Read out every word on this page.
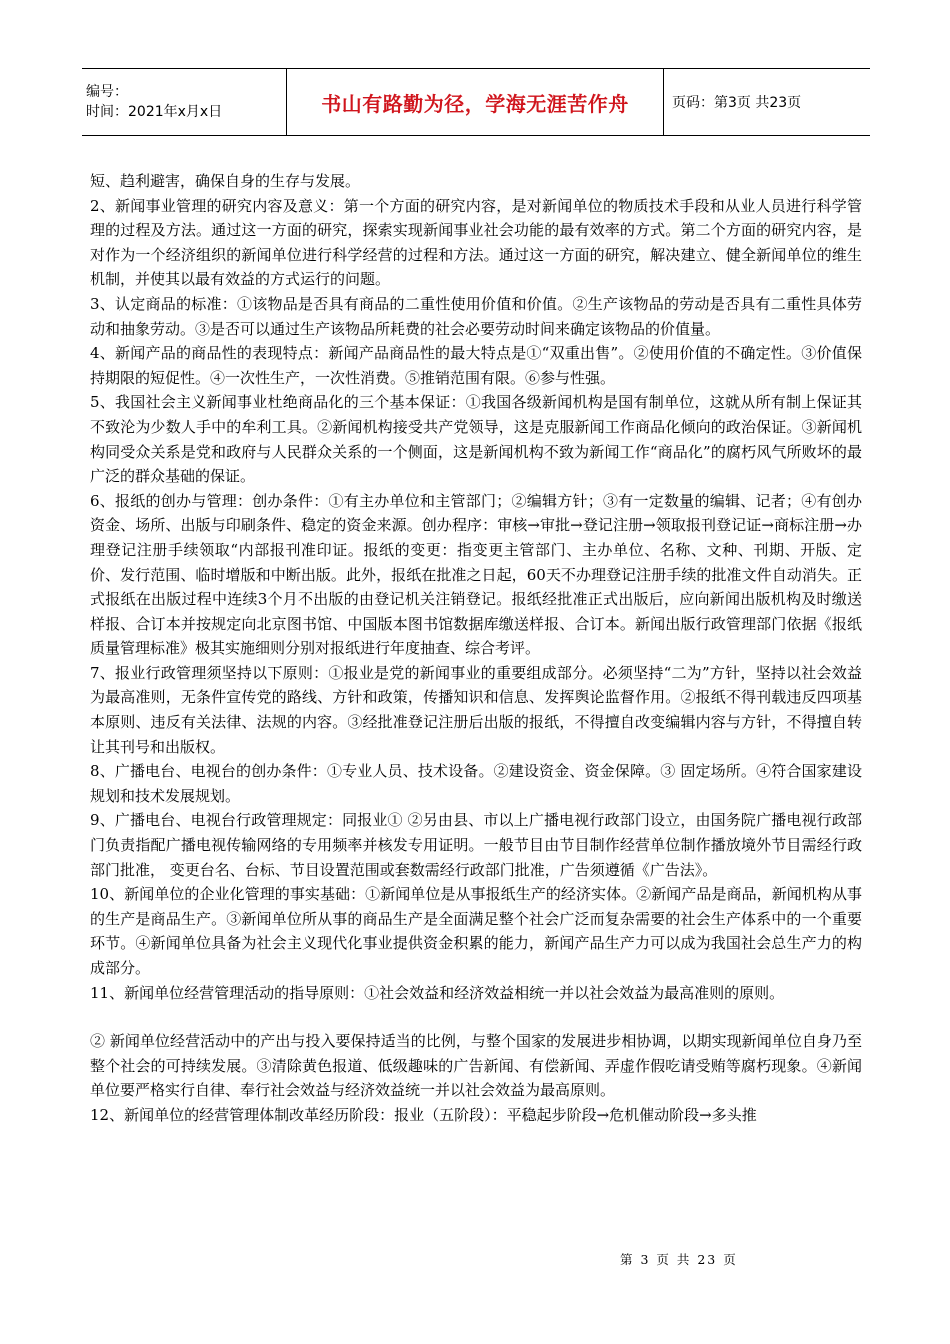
编号：
时间：2021年x月x日	书山有路勤为径，学海无涯苦作舟	页码：第3页 共23页

短、趋利避害，确保自身的生存与发展。

2、新闻事业管理的研究内容及意义：第一个方面的研究内容，是对新闻单位的物质技术手段和从业人员进行科学管理的过程及方法。通过这一方面的研究，探索实现新闻事业社会功能的最有效率的方式。第二个方面的研究内容，是对作为一个经济组织的新闻单位进行科学经营的过程和方法。通过这一方面的研究，解决建立、健全新闻单位的维生机制，并使其以最有效益的方式运行的问题。

3、认定商品的标准：①该物品是否具有商品的二重性使用价值和价值。②生产该物品的劳动是否具有二重性具体劳动和抽象劳动。③是否可以通过生产该物品所耗费的社会必要劳动时间来确定该物品的价值量。

4、新闻产品的商品性的表现特点：新闻产品商品性的最大特点是①“双重出售”。②使用价值的不确定性。③价值保持期限的短促性。④一次性生产，一次性消费。⑤推销范围有限。⑥参与性强。

5、我国社会主义新闻事业杜绝商品化的三个基本保证：①我国各级新闻机构是国有制单位，这就从所有制上保证其不致沦为少数人手中的牟利工具。②新闻机构接受共产党领导，这是克服新闻工作商品化倾向的政治保证。③新闻机构同受众关系是党和政府与人民群众关系的一个侧面，这是新闻机构不致为新闻工作“商品化”的腐朽风气所败坏的最广泛的群众基础的保证。

6、报纸的创办与管理：创办条件：①有主办单位和主管部门；②编辑方针；③有一定数量的编辑、记者；④有创办资金、场所、出版与印刷条件、稳定的资金来源。创办程序：审核→审批→登记注册→领取报刊登记证→商标注册→办理登记注册手续领取“内部报刊准印证。报纸的变更：指变更主管部门、主办单位、名称、文种、刊期、开版、定价、发行范围、临时增版和中断出版。此外，报纸在批准之日起，60天不办理登记注册手续的批准文件自动消失。正式报纸在出版过程中连续3个月不出版的由登记机关注销登记。报纸经批准正式出版后，应向新闻出版机构及时缴送样报、合订本并按规定向北京图书馆、中国版本图书馆数据库缴送样报、合订本。新闻出版行政管理部门依据《报纸质量管理标准》极其实施细则分别对报纸进行年度抽查、综合考评。

7、报业行政管理须坚持以下原则：①报业是党的新闻事业的重要组成部分。必须坚持“二为”方针，坚持以社会效益为最高准则，无条件宣传党的路线、方针和政策，传播知识和信息、发挥舆论监督作用。②报纸不得刊载违反四项基本原则、违反有关法律、法规的内容。③经批准登记注册后出版的报纸，不得擅自改变编辑内容与方针，不得擅自转让其刊号和出版权。

8、广播电台、电视台的创办条件：①专业人员、技术设备。②建设资金、资金保障。③ 固定场所。④符合国家建设规划和技术发展规划。

9、广播电台、电视台行政管理规定：同报业① ②另由县、市以上广播电视行政部门设立，由国务院广播电视行政部门负责指配广播电视传输网络的专用频率并核发专用证明。一般节目由节目制作经营单位制作播放境外节目需经行政部门批准， 变更台名、台标、节目设置范围或套数需经行政部门批准，广告须遵循《广告法》。

10、新闻单位的企业化管理的事实基础：①新闻单位是从事报纸生产的经济实体。②新闻产品是商品，新闻机构从事的生产是商品生产。③新闻单位所从事的商品生产是全面满足整个社会广泛而复杂需要的社会生产体系中的一个重要环节。④新闻单位具备为社会主义现代化事业提供资金积累的能力，新闻产品生产力可以成为我国社会总生产力的构成部分。

11、新闻单位经营管理活动的指导原则：①社会效益和经济效益相统一并以社会效益为最高准则的原则。

② 新闻单位经营活动中的产出与投入要保持适当的比例，与整个国家的发展进步相协调，以期实现新闻单位自身乃至整个社会的可持续发展。③清除黄色报道、低级趣味的广告新闻、有偿新闻、弄虚作假吃请受贿等腐朽现象。④新闻单位要严格实行自律、奉行社会效益与经济效益统一并以社会效益为最高原则。

12、新闻单位的经营管理体制改革经历阶段：报业（五阶段）：平稳起步阶段→危机催动阶段→多头推

第 3 页 共 23 页
